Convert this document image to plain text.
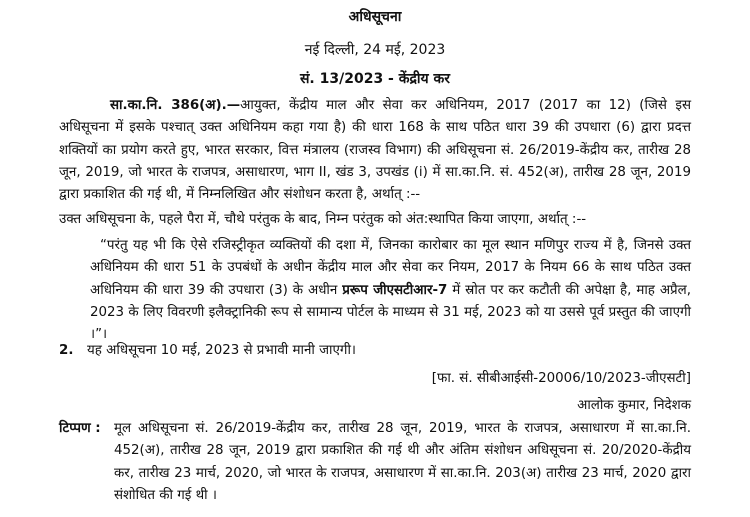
अधिसूचना
नई दिल्ली, 24 मई, 2023
सं. 13/2023 - केंद्रीय कर
सा.का.नि. 386(अ).—आयुक्त, केंद्रीय माल और सेवा कर अधिनियम, 2017 (2017 का 12) (जिसे इस अधिसूचना में इसके पश्चात् उक्त अधिनियम कहा गया है) की धारा 168 के साथ पठित धारा 39 की उपधारा (6) द्वारा प्रदत्त शक्तियों का प्रयोग करते हुए, भारत सरकार, वित्त मंत्रालय (राजस्व विभाग) की अधिसूचना सं. 26/2019-केंद्रीय कर, तारीख 28 जून, 2019, जो भारत के राजपत्र, असाधारण, भाग II, खंड 3, उपखंड (i) में सा.का.नि. सं. 452(अ), तारीख 28 जून, 2019 द्वारा प्रकाशित की गई थी, में निम्नलिखित और संशोधन करता है, अर्थात् :--
उक्त अधिसूचना के, पहले पैरा में, चौथे परंतुक के बाद, निम्न परंतुक को अंत:स्थापित किया जाएगा, अर्थात् :--
“परंतु यह भी कि ऐसे रजिस्ट्रीकृत व्यक्तियों की दशा में, जिनका कारोबार का मूल स्थान मणिपुर राज्य में है, जिनसे उक्त अधिनियम की धारा 51 के उपबंधों के अधीन केंद्रीय माल और सेवा कर नियम, 2017 के नियम 66 के साथ पठित उक्त अधिनियम की धारा 39 की उपधारा (3) के अधीन प्ररूप जीएसटीआर-7 में स्रोत पर कर कटौती की अपेक्षा है, माह अप्रैल, 2023 के लिए विवरणी इलैक्ट्रानिकी रूप से सामान्य पोर्टल के माध्यम से 31 मई, 2023 को या उससे पूर्व प्रस्तुत की जाएगी ।”।
2. यह अधिसूचना 10 मई, 2023 से प्रभावी मानी जाएगी।
[फा. सं. सीबीआईसी-20006/10/2023-जीएसटी]
आलोक कुमार, निदेशक
टिप्पण : मूल अधिसूचना सं. 26/2019-केंद्रीय कर, तारीख 28 जून, 2019, भारत के राजपत्र, असाधारण में सा.का.नि. 452(अ), तारीख 28 जून, 2019 द्वारा प्रकाशित की गई थी और अंतिम संशोधन अधिसूचना सं. 20/2020-केंद्रीय कर, तारीख 23 मार्च, 2020, जो भारत के राजपत्र, असाधारण में सा.का.नि. 203(अ) तारीख 23 मार्च, 2020 द्वारा संशोधित की गई थी ।
